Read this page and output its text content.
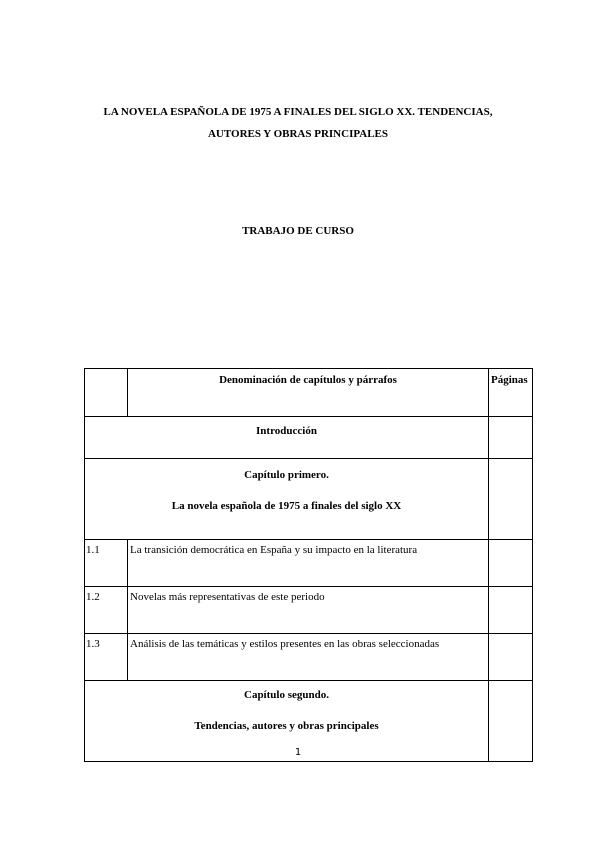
LA NOVELA ESPAÑOLA DE 1975 A FINALES DEL SIGLO XX. TENDENCIAS,
AUTORES Y OBRAS PRINCIPALES
TRABAJO DE CURSO
	Denominación de capítulos y párrafos	Páginas
Introducción		

Capítulo primero.
La novela española de 1975 a finales del siglo XX		

1.1	La transición democrática en España y su impacto en la literatura	
1.2	Novelas más representativas de este periodo	
1.3	Análisis de las temáticas y estilos presentes en las obras seleccionadas	

Capítulo segundo.
Tendencias, autores y obras principales		

1
